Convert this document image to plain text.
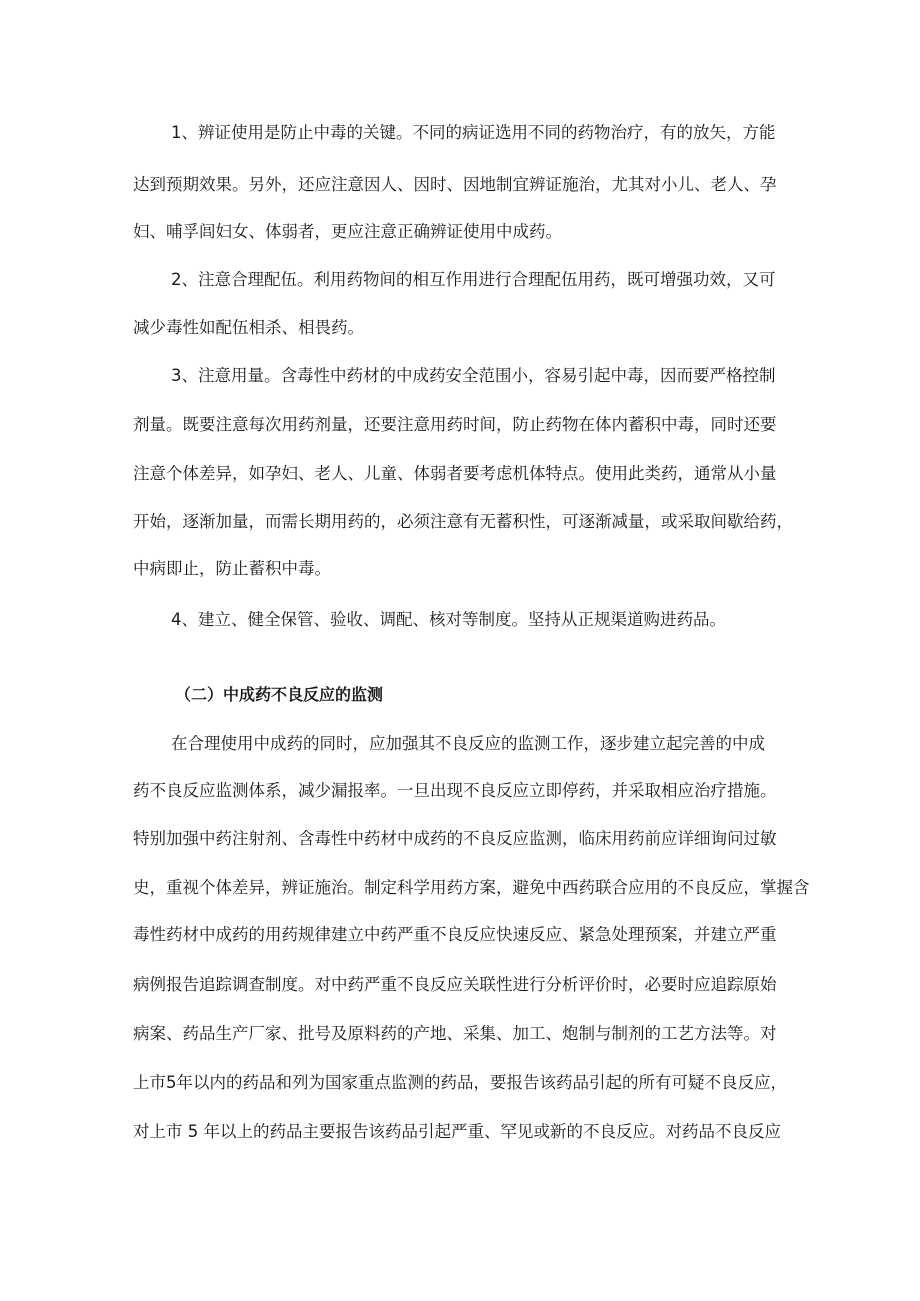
1、辨证使用是防止中毒的关键。不同的病证选用不同的药物治疗，有的放矢，方能
达到预期效果。另外，还应注意因人、因时、因地制宜辨证施治，尤其对小儿、老人、孕
妇、哺孚闾妇女、体弱者，更应注意正确辨证使用中成药。
2、注意合理配伍。利用药物间的相互作用进行合理配伍用药，既可增强功效，又可
减少毒性如配伍相杀、相畏药。
3、注意用量。含毒性中药材的中成药安全范围小，容易引起中毒，因而要严格控制
剂量。既要注意每次用药剂量，还要注意用药时间，防止药物在体内蓄积中毒，同时还要
注意个体差异，如孕妇、老人、儿童、体弱者要考虑机体特点。使用此类药，通常从小量
开始，逐渐加量，而需长期用药的，必须注意有无蓄积性，可逐渐减量，或采取间歇给药，
中病即止，防止蓄积中毒。
4、建立、健全保管、验收、调配、核对等制度。坚持从正规渠道购进药品。
（二）中成药不良反应的监测
在合理使用中成药的同时，应加强其不良反应的监测工作，逐步建立起完善的中成
药不良反应监测体系，减少漏报率。一旦出现不良反应立即停药，并采取相应治疗措施。
特别加强中药注射剂、含毒性中药材中成药的不良反应监测，临床用药前应详细询问过敏
史，重视个体差异，辨证施治。制定科学用药方案，避免中西药联合应用的不良反应，掌握含
毒性药材中成药的用药规律建立中药严重不良反应快速反应、紧急处理预案，并建立严重
病例报告追踪调查制度。对中药严重不良反应关联性进行分析评价时，必要时应追踪原始
病案、药品生产厂家、批号及原料药的产地、采集、加工、炮制与制剂的工艺方法等。对
上市5年以内的药品和列为国家重点监测的药品，要报告该药品引起的所有可疑不良反应，
对上市 5 年以上的药品主要报告该药品引起严重、罕见或新的不良反应。对药品不良反应
